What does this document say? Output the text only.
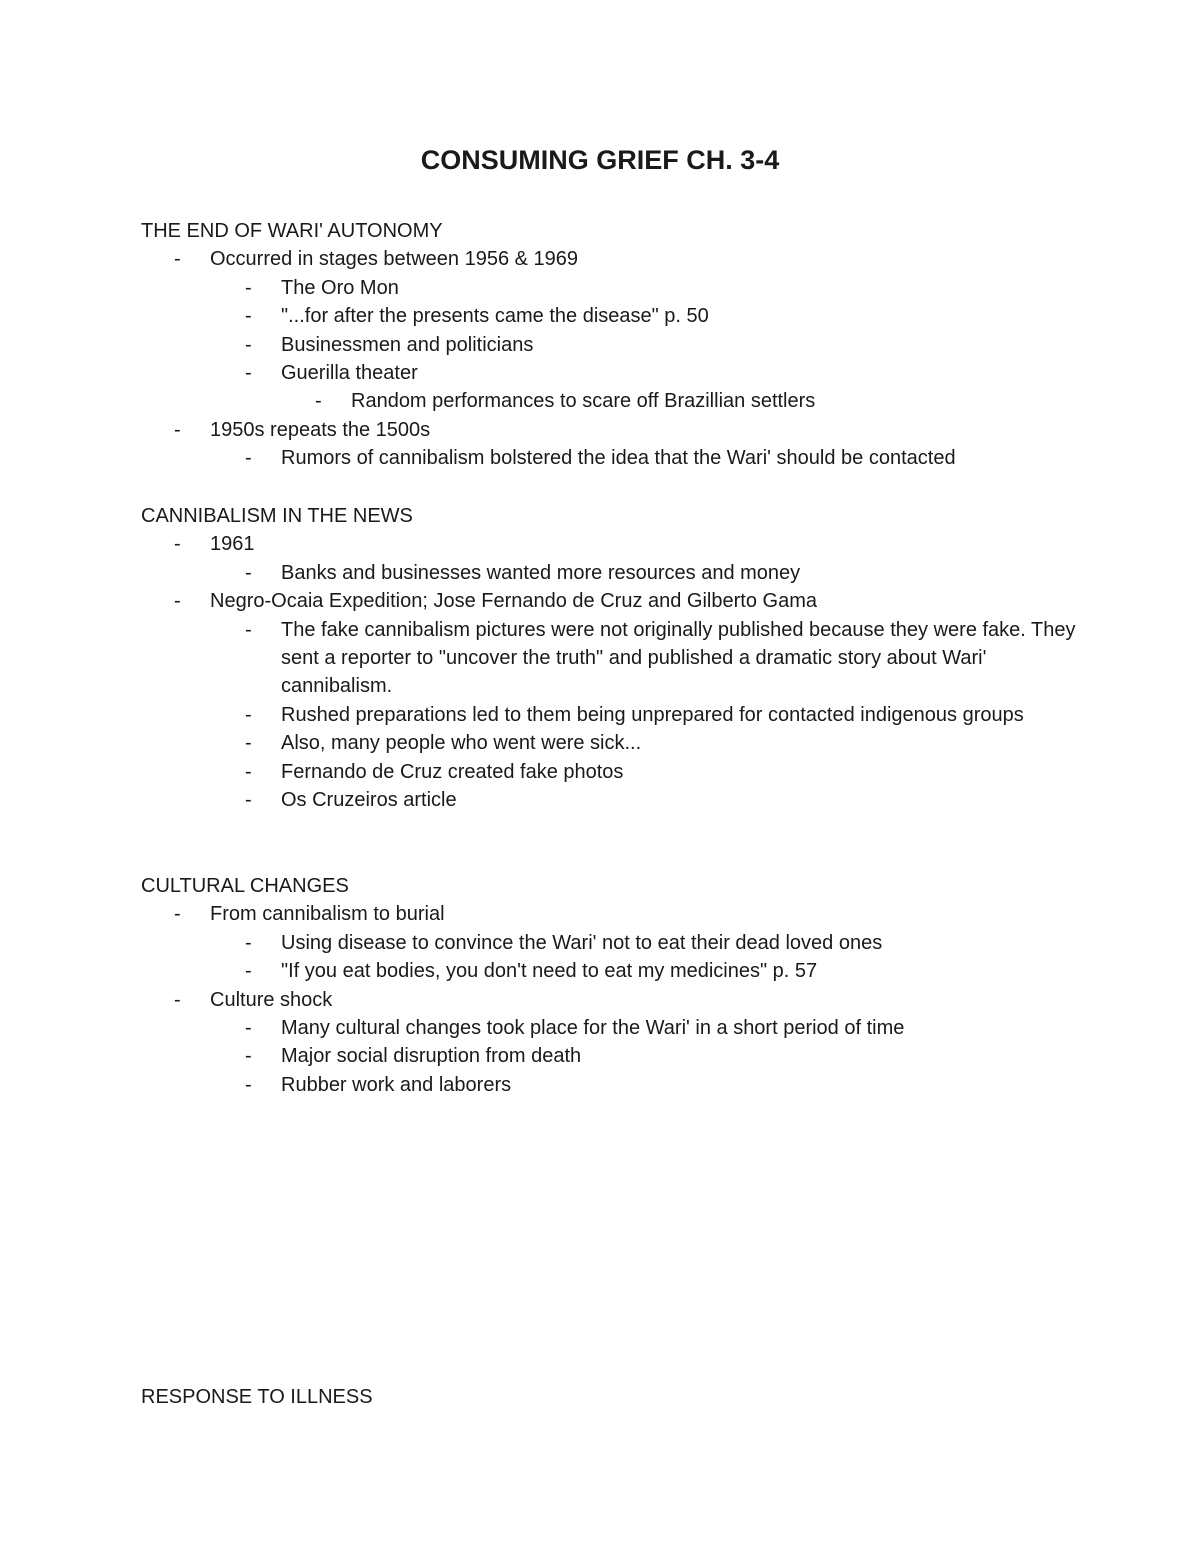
CONSUMING GRIEF CH. 3-4
THE END OF WARI' AUTONOMY
-	Occurred in stages between 1956 & 1969
-	The Oro Mon
-	"...for after the presents came the disease" p. 50
-	Businessmen and politicians
-	Guerilla theater
-	Random performances to scare off Brazillian settlers
-	1950s repeats the 1500s
-	Rumors of cannibalism bolstered the idea that the Wari' should be contacted
CANNIBALISM IN THE NEWS
-	1961
-	Banks and businesses wanted more resources and money
-	Negro-Ocaia Expedition; Jose Fernando de Cruz and Gilberto Gama
-	The fake cannibalism pictures were not originally published because they were fake. They sent a reporter to "uncover the truth" and published a dramatic story about Wari' cannibalism.
-	Rushed preparations led to them being unprepared for contacted indigenous groups
-	Also, many people who went were sick...
-	Fernando de Cruz created fake photos
-	Os Cruzeiros article
CULTURAL CHANGES
-	From cannibalism to burial
-	Using disease to convince the Wari' not to eat their dead loved ones
-	"If you eat bodies, you don't need to eat my medicines" p. 57
-	Culture shock
-	Many cultural changes took place for the Wari' in a short period of time
-	Major social disruption from death
-	Rubber work and laborers
RESPONSE TO ILLNESS
